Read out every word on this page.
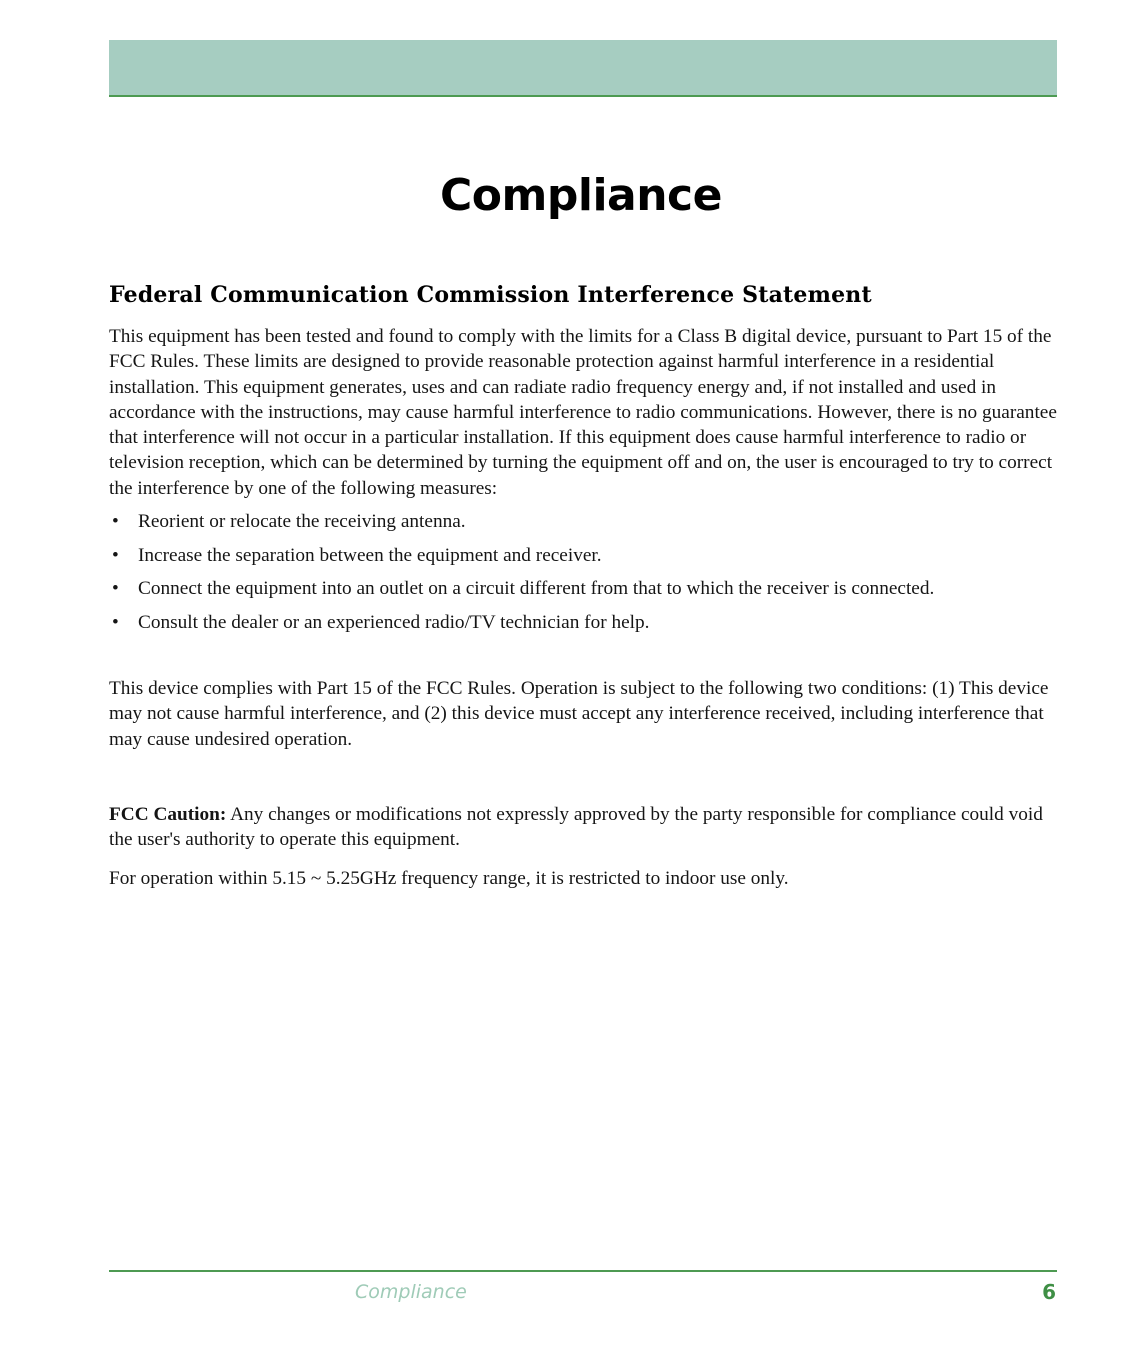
Compliance
Federal Communication Commission Interference Statement

This equipment has been tested and found to comply with the limits for a Class B digital device, pursuant to Part 15 of the FCC Rules. These limits are designed to provide reasonable protection against harmful interference in a residential installation. This equipment generates, uses and can radiate radio frequency energy and, if not installed and used in accordance with the instructions, may cause harmful interference to radio communications. However, there is no guarantee that interference will not occur in a particular installation. If this equipment does cause harmful interference to radio or television reception, which can be determined by turning the equipment off and on, the user is encouraged to try to correct the interference by one of the following measures:

• Reorient or relocate the receiving antenna.
• Increase the separation between the equipment and receiver.
• Connect the equipment into an outlet on a circuit different from that to which the receiver is connected.
• Consult the dealer or an experienced radio/TV technician for help.

This device complies with Part 15 of the FCC Rules. Operation is subject to the following two conditions: (1) This device may not cause harmful interference, and (2) this device must accept any interference received, including interference that may cause undesired operation.

FCC Caution: Any changes or modifications not expressly approved by the party responsible for compliance could void the user's authority to operate this equipment.

For operation within 5.15 ~ 5.25GHz frequency range, it is restricted to indoor use only.

Compliance	6
